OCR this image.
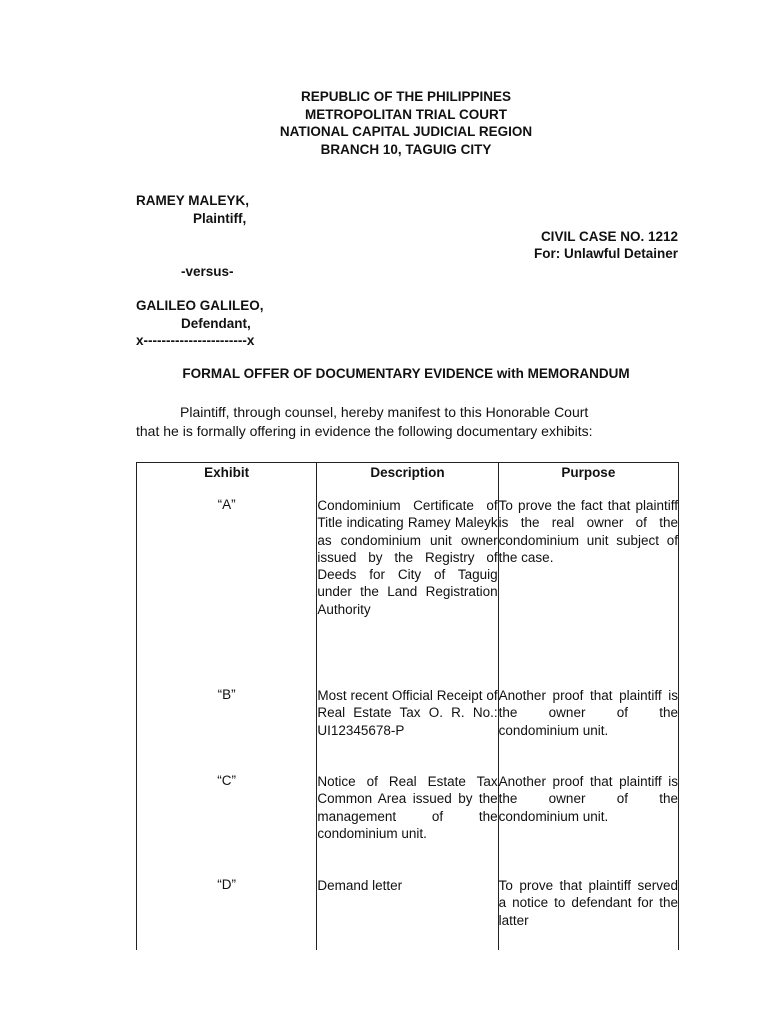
REPUBLIC OF THE PHILIPPINES
METROPOLITAN TRIAL COURT
NATIONAL CAPITAL JUDICIAL REGION
BRANCH 10, TAGUIG CITY
RAMEY MALEYK,
Plaintiff,
CIVIL CASE NO. 1212
For: Unlawful Detainer
-versus-
GALILEO GALILEO,
Defendant,
x-----------------------x
FORMAL OFFER OF DOCUMENTARY EVIDENCE with MEMORANDUM
Plaintiff, through counsel, hereby manifest to this Honorable Court
that he is formally offering in evidence the following documentary exhibits:
Exhibit	Description	Purpose

“A”	Condominium Certificate of Title indicating Ramey Maleyk as condominium unit owner issued by the Registry of Deeds for City of Taguig under the Land Registration Authority	To prove the fact that plaintiff is the real owner of the condominium unit subject of the case.

“B”	Most recent Official Receipt of Real Estate Tax O. R. No.: UI12345678-P	Another proof that plaintiff is the owner of the condominium unit.

“C”	Notice of Real Estate Tax Common Area issued by the management of the condominium unit.	Another proof that plaintiff is the owner of the condominium unit.

“D”	Demand letter	To prove that plaintiff served a notice to defendant for the latter
